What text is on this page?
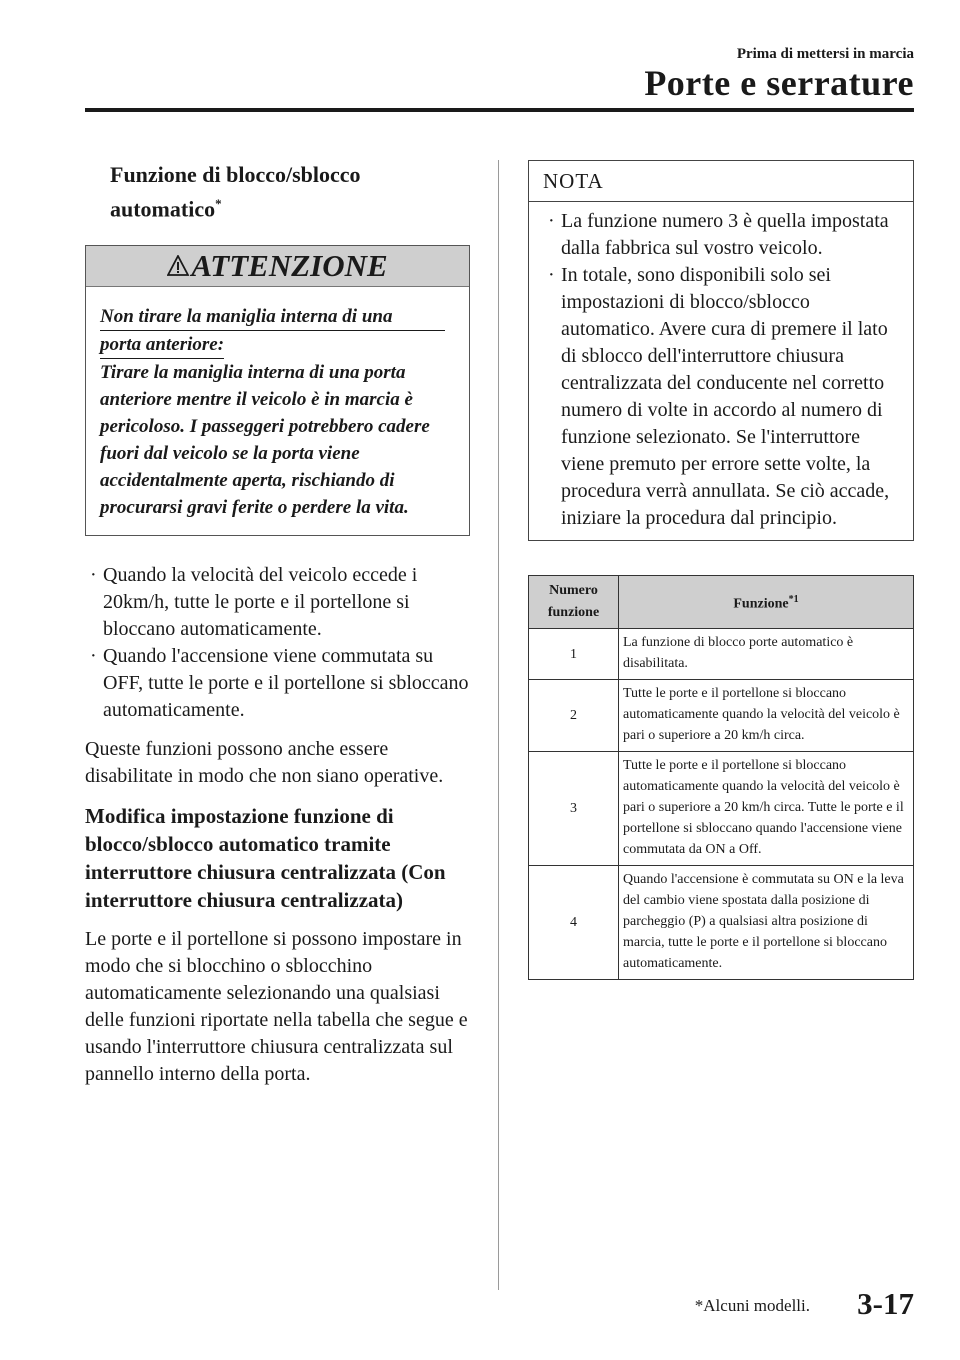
Prima di mettersi in marcia
Porte e serrature
Funzione di blocco/sblocco automatico*
ATTENZIONE
Non tirare la maniglia interna di una
porta anteriore:
Tirare la maniglia interna di una porta anteriore mentre il veicolo è in marcia è pericoloso. I passeggeri potrebbero cadere fuori dal veicolo se la porta viene accidentalmente aperta, rischiando di procurarsi gravi ferite o perdere la vita.
· Quando la velocità del veicolo eccede i 20km/h, tutte le porte e il portellone si bloccano automaticamente.
· Quando l'accensione viene commutata su OFF, tutte le porte e il portellone si sbloccano automaticamente.

Queste funzioni possono anche essere disabilitate in modo che non siano operative.

Modifica impostazione funzione di blocco/sblocco automatico tramite interruttore chiusura centralizzata (Con interruttore chiusura centralizzata)

Le porte e il portellone si possono impostare in modo che si blocchino o sblocchino automaticamente selezionando una qualsiasi delle funzioni riportate nella tabella che segue e usando l'interruttore chiusura centralizzata sul pannello interno della porta.

NOTA
· La funzione numero 3 è quella impostata dalla fabbrica sul vostro veicolo.
· In totale, sono disponibili solo sei impostazioni di blocco/sblocco automatico. Avere cura di premere il lato di sblocco dell'interruttore chiusura centralizzata del conducente nel corretto numero di volte in accordo al numero di funzione selezionato. Se l'interruttore viene premuto per errore sette volte, la procedura verrà annullata. Se ciò accade, iniziare la procedura dal principio.
Numero
funzione	Funzione$^{*1}$
1	La funzione di blocco porte automatico è disabilitata.
2	Tutte le porte e il portellone si bloccano automaticamente quando la velocità del veicolo è pari o superiore a 20 km/h circa.
3	Tutte le porte e il portellone si bloccano automaticamente quando la velocità del veicolo è pari o superiore a 20 km/h circa. Tutte le porte e il portellone si sbloccano quando l'accensione viene commutata da ON a Off.
4	Quando l'accensione è commutata su ON e la leva del cambio viene spostata dalla posizione di parcheggio (P) a qualsiasi altra posizione di marcia, tutte le porte e il portellone si bloccano automaticamente.
*Alcuni modelli. 3-17
